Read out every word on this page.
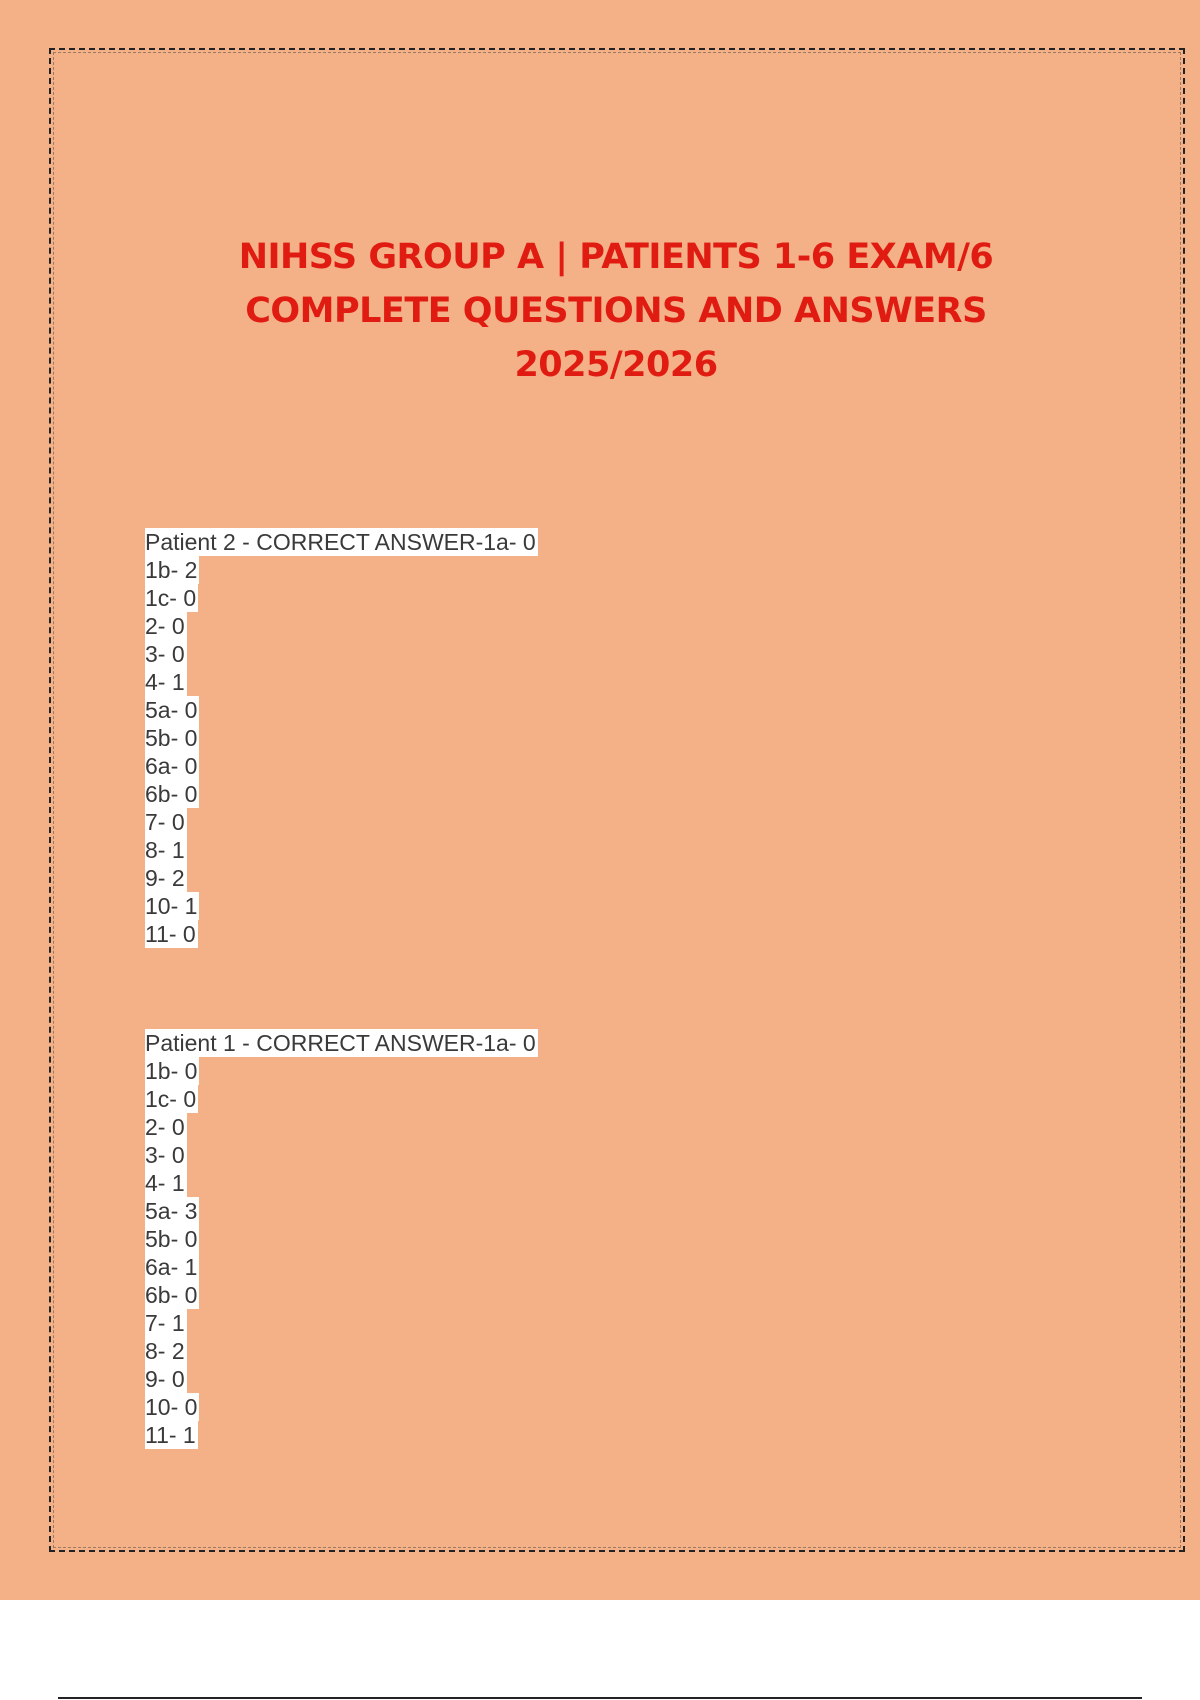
NIHSS GROUP A | PATIENTS 1-6 EXAM/6
COMPLETE QUESTIONS AND ANSWERS
2025/2026
Patient 2 - CORRECT ANSWER-1a- 0
1b- 2
1c- 0
2- 0
3- 0
4- 1
5a- 0
5b- 0
6a- 0
6b- 0
7- 0
8- 1
9- 2
10- 1
11- 0
Patient 1 - CORRECT ANSWER-1a- 0
1b- 0
1c- 0
2- 0
3- 0
4- 1
5a- 3
5b- 0
6a- 1
6b- 0
7- 1
8- 2
9- 0
10- 0
11- 1
